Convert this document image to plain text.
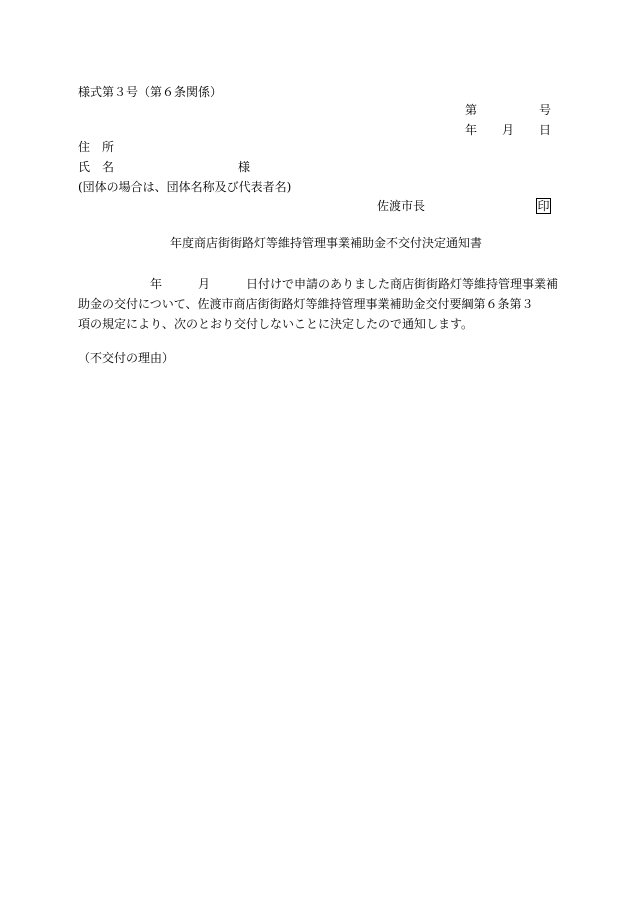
様式第３号（第６条関係）
第	号
年 月 日
住　所
氏　名	様
(団体の場合は、団体名称及び代表者名)
佐渡市長	印
年度商店街街路灯等維持管理事業補助金不交付決定通知書
　　　　　　年　　　月　　　日付けで申請のありました商店街街路灯等維持管理事業補
助金の交付について、佐渡市商店街街路灯等維持管理事業補助金交付要綱第６条第３
項の規定により、次のとおり交付しないことに決定したので通知します。
（不交付の理由）
